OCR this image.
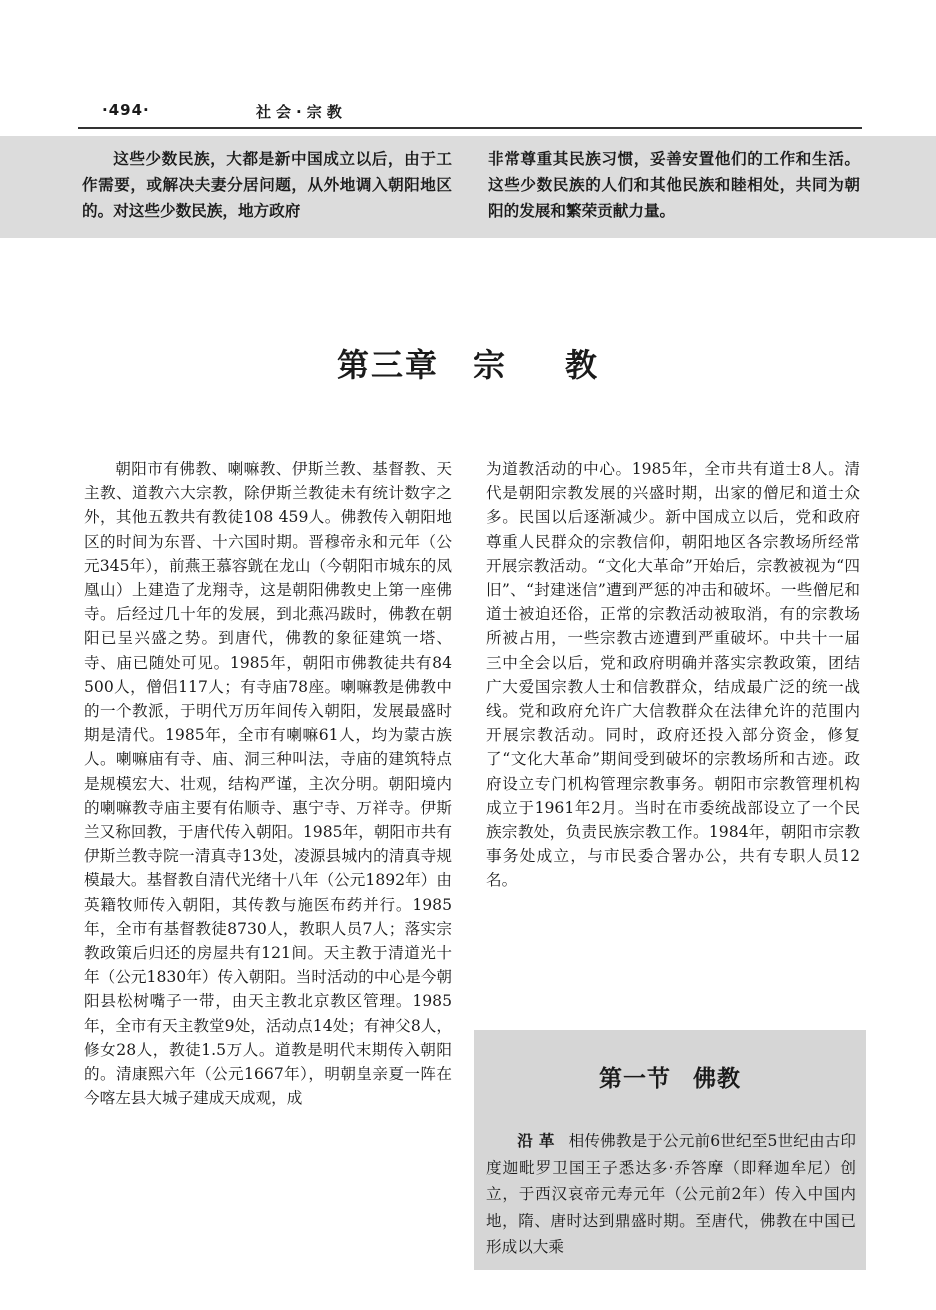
·494·	社会·宗教

这些少数民族，大都是新中国成立以后，由于工作需要，或解决夫妻分居问题，从外地调入朝阳地区的。对这些少数民族，地方政府

非常尊重其民族习惯，妥善安置他们的工作和生活。这些少数民族的人们和其他民族和睦相处，共同为朝阳的发展和繁荣贡献力量。

第三章 宗 教

朝阳市有佛教、喇嘛教、伊斯兰教、基督教、天主教、道教六大宗教，除伊斯兰教徒未有统计数字之外，其他五教共有教徒108 459人。佛教传入朝阳地区的时间为东晋、十六国时期。晋穆帝永和元年（公元345年），前燕王慕容皝在龙山（今朝阳市城东的凤凰山）上建造了龙翔寺，这是朝阳佛教史上第一座佛寺。后经过几十年的发展，到北燕冯跋时，佛教在朝阳已呈兴盛之势。到唐代，佛教的象征建筑一塔、寺、庙已随处可见。1985年，朝阳市佛教徒共有84 500人，僧侣117人；有寺庙78座。喇嘛教是佛教中的一个教派，于明代万历年间传入朝阳，发展最盛时期是清代。1985年，全市有喇嘛61人，均为蒙古族人。喇嘛庙有寺、庙、洞三种叫法，寺庙的建筑特点是规模宏大、壮观，结构严谨，主次分明。朝阳境内的喇嘛教寺庙主要有佑顺寺、惠宁寺、万祥寺。伊斯兰又称回教，于唐代传入朝阳。1985年，朝阳市共有伊斯兰教寺院一清真寺13处，凌源县城内的清真寺规模最大。基督教自清代光绪十八年（公元1892年）由英籍牧师传入朝阳，其传教与施医布药并行。1985年，全市有基督教徒8730人，教职人员7人；落实宗教政策后归还的房屋共有121间。天主教于清道光十年（公元1830年）传入朝阳。当时活动的中心是今朝阳县松树嘴子一带，由天主教北京教区管理。1985年，全市有天主教堂9处，活动点14处；有神父8人，修女28人，教徒1.5万人。道教是明代末期传入朝阳的。清康熙六年（公元1667年），明朝皇亲夏一阵在今喀左县大城子建成天成观，成

为道教活动的中心。1985年，全市共有道士8人。清代是朝阳宗教发展的兴盛时期，出家的僧尼和道士众多。民国以后逐渐减少。新中国成立以后，党和政府尊重人民群众的宗教信仰，朝阳地区各宗教场所经常开展宗教活动。“文化大革命”开始后，宗教被视为“四旧”、“封建迷信”遭到严惩的冲击和破坏。一些僧尼和道士被迫还俗，正常的宗教活动被取消，有的宗教场所被占用，一些宗教古迹遭到严重破坏。中共十一届三中全会以后，党和政府明确并落实宗教政策，团结广大爱国宗教人士和信教群众，结成最广泛的统一战线。党和政府允许广大信教群众在法律允许的范围内开展宗教活动。同时，政府还投入部分资金，修复了“文化大革命”期间受到破坏的宗教场所和古迹。政府设立专门机构管理宗教事务。朝阳市宗教管理机构成立于1961年2月。当时在市委统战部设立了一个民族宗教处，负责民族宗教工作。1984年，朝阳市宗教事务处成立，与市民委合署办公，共有专职人员12名。

第一节 佛教

沿革 相传佛教是于公元前6世纪至5世纪由古印度迦毗罗卫国王子悉达多·乔答摩（即释迦牟尼）创立，于西汉哀帝元寿元年（公元前2年）传入中国内地，隋、唐时达到鼎盛时期。至唐代，佛教在中国已形成以大乘
